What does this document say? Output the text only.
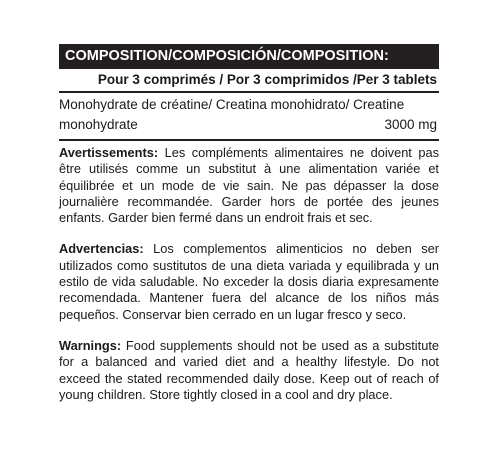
COMPOSITION/COMPOSICIÓN/COMPOSITION:
Pour 3 comprimés / Por 3 comprimidos /Per 3 tablets
Monohydrate de créatine/ Creatina monohidrato/ Creatine
monohydrate	3000 mg

Avertissements: Les compléments alimentaires ne doivent pas être utilisés comme un substitut à une alimentation variée et équilibrée et un mode de vie sain. Ne pas dépasser la dose journalière recommandée. Garder hors de portée des jeunes enfants. Garder bien fermé dans un endroit frais et sec.

Advertencias: Los complementos alimenticios no deben ser utilizados como sustitutos de una dieta variada y equilibrada y un estilo de vida saludable. No exceder la dosis diaria expresamente recomendada. Mantener fuera del alcance de los niños más pequeños. Conservar bien cerrado en un lugar fresco y seco.

Warnings: Food supplements should not be used as a substitute for a balanced and varied diet and a healthy lifestyle. Do not exceed the stated recommended daily dose. Keep out of reach of young children. Store tightly closed in a cool and dry place.
